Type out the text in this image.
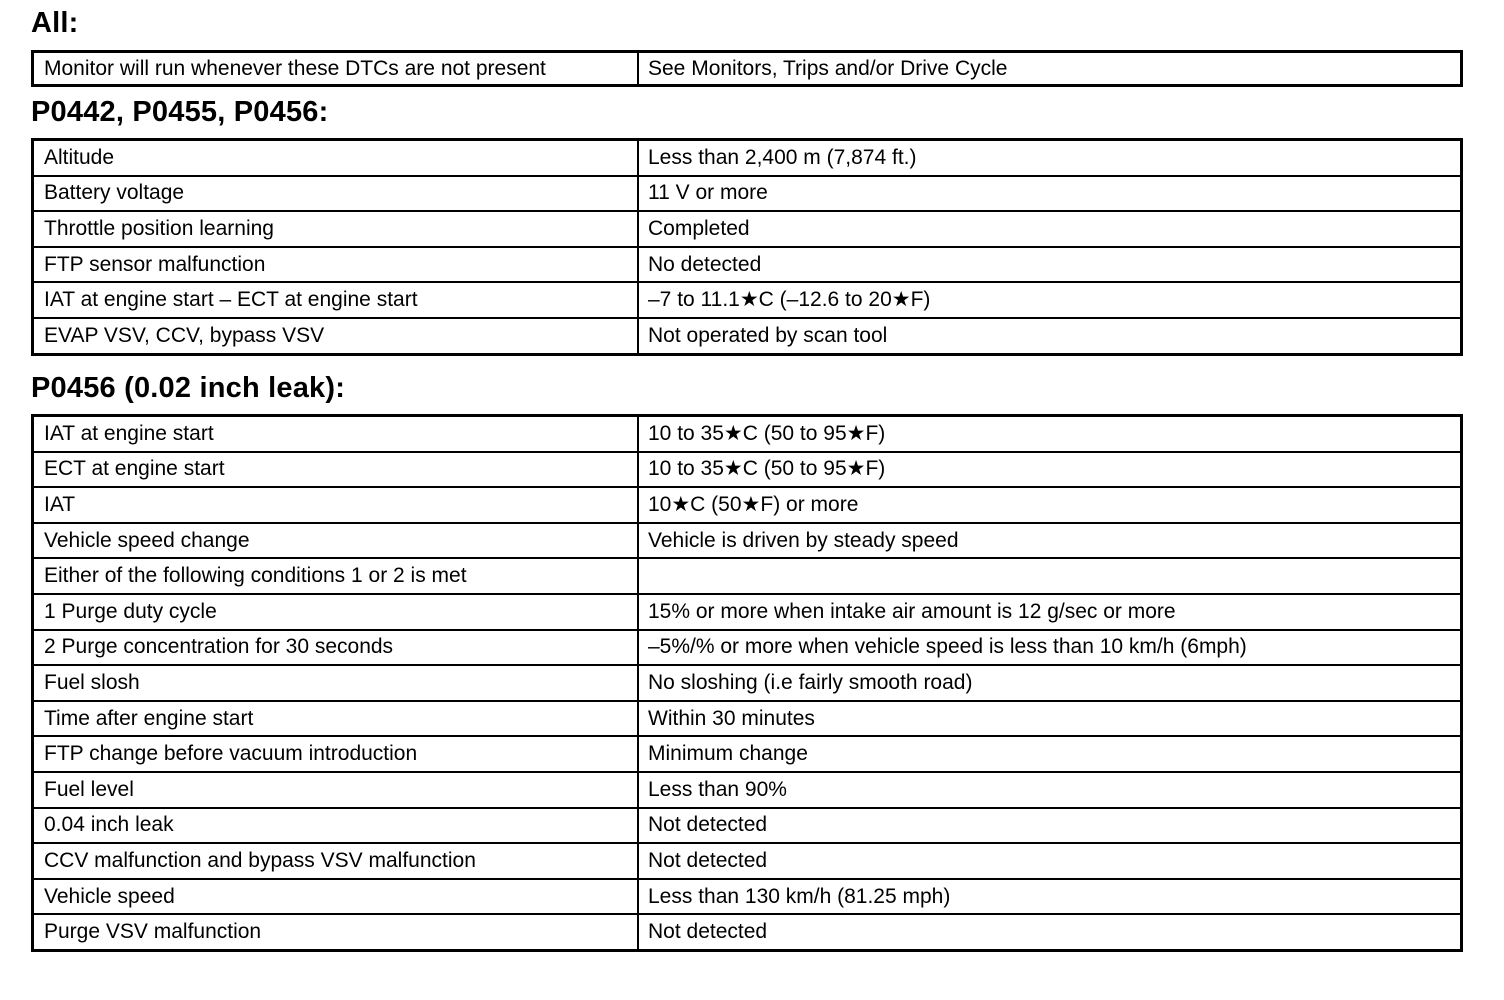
All:
Monitor will run whenever these DTCs are not present	See Monitors, Trips and/or Drive Cycle
P0442, P0455, P0456:
Altitude	Less than 2,400 m (7,874 ft.)
Battery voltage	11 V or more
Throttle position learning	Completed
FTP sensor malfunction	No detected
IAT at engine start – ECT at engine start	–7 to 11.1★C (–12.6 to 20★F)
EVAP VSV, CCV, bypass VSV	Not operated by scan tool
P0456 (0.02 inch leak):
IAT at engine start	10 to 35★C (50 to 95★F)
ECT at engine start	10 to 35★C (50 to 95★F)
IAT	10★C (50★F) or more
Vehicle speed change	Vehicle is driven by steady speed
Either of the following conditions 1 or 2 is met	
1 Purge duty cycle	15% or more when intake air amount is 12 g/sec or more
2 Purge concentration for 30 seconds	–5%/% or more when vehicle speed is less than 10 km/h (6mph)
Fuel slosh	No sloshing (i.e fairly smooth road)
Time after engine start	Within 30 minutes
FTP change before vacuum introduction	Minimum change
Fuel level	Less than 90%
0.04 inch leak	Not detected
CCV malfunction and bypass VSV malfunction	Not detected
Vehicle speed	Less than 130 km/h (81.25 mph)
Purge VSV malfunction	Not detected
